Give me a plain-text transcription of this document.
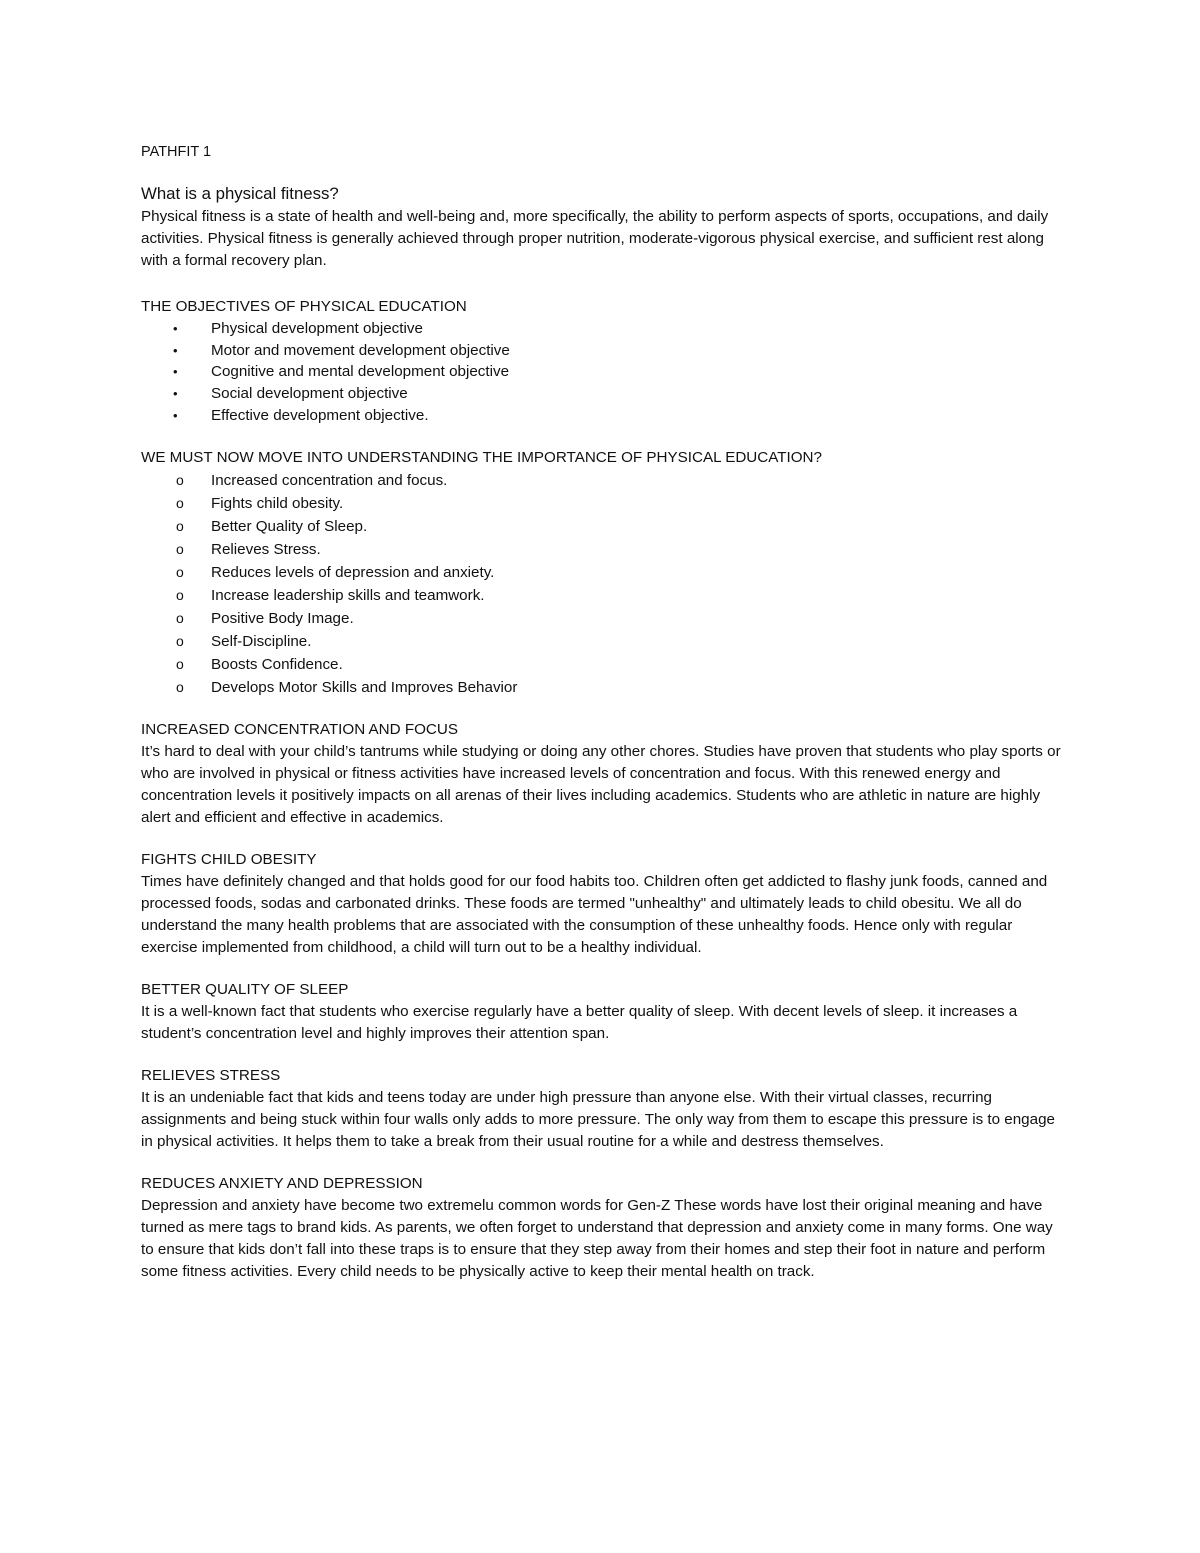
PATHFIT 1

What is a physical fitness?

Physical fitness is a state of health and well-being and, more specifically, the ability to perform aspects of sports, occupations, and daily activities. Physical fitness is generally achieved through proper nutrition, moderate-vigorous physical exercise, and sufficient rest along with a formal recovery plan.

THE OBJECTIVES OF PHYSICAL EDUCATION
• Physical development objective
• Motor and movement development objective
• Cognitive and mental development objective
• Social development objective
• Effective development objective.
WE MUST NOW MOVE INTO UNDERSTANDING THE IMPORTANCE OF PHYSICAL EDUCATION?
o Increased concentration and focus.
o Fights child obesity.
o Better Quality of Sleep.
o Relieves Stress.
o Reduces levels of depression and anxiety.
o Increase leadership skills and teamwork.
o Positive Body Image.
o Self-Discipline.
o Boosts Confidence.
o Develops Motor Skills and Improves Behavior
INCREASED CONCENTRATION AND FOCUS

It’s hard to deal with your child’s tantrums while studying or doing any other chores. Studies have proven that students who play sports or who are involved in physical or fitness activities have increased levels of concentration and focus. With this renewed energy and concentration levels it positively impacts on all arenas of their lives including academics. Students who are athletic in nature are highly alert and efficient and effective in academics.

FIGHTS CHILD OBESITY

Times have definitely changed and that holds good for our food habits too. Children often get addicted to flashy junk foods, canned and processed foods, sodas and carbonated drinks. These foods are termed "unhealthy" and ultimately leads to child obesitu. We all do understand the many health problems that are associated with the consumption of these unhealthy foods. Hence only with regular exercise implemented from childhood, a child will turn out to be a healthy individual.

BETTER QUALITY OF SLEEP

It is a well-known fact that students who exercise regularly have a better quality of sleep. With decent levels of sleep. it increases a student’s concentration level and highly improves their attention span.

RELIEVES STRESS

It is an undeniable fact that kids and teens today are under high pressure than anyone else. With their virtual classes, recurring assignments and being stuck within four walls only adds to more pressure. The only way from them to escape this pressure is to engage in physical activities. It helps them to take a break from their usual routine for a while and destress themselves.

REDUCES ANXIETY AND DEPRESSION

Depression and anxiety have become two extremelu common words for Gen-Z These words have lost their original meaning and have turned as mere tags to brand kids. As parents, we often forget to understand that depression and anxiety come in many forms. One way to ensure that kids don’t fall into these traps is to ensure that they step away from their homes and step their foot in nature and perform some fitness activities. Every child needs to be physically active to keep their mental health on track.
